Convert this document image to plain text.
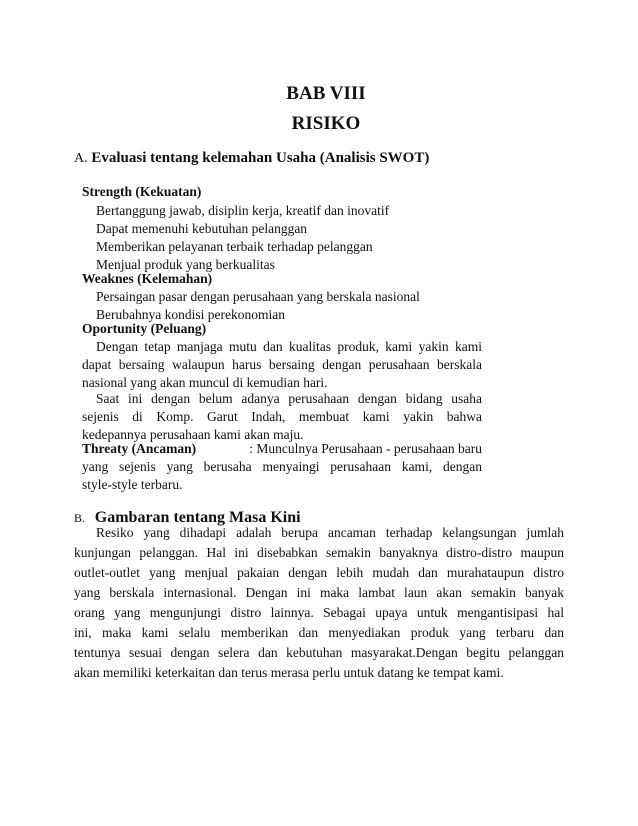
BAB VIII
RISIKO
A. Evaluasi tentang kelemahan Usaha (Analisis SWOT)
Strength (Kekuatan)
Bertanggung jawab, disiplin kerja, kreatif dan inovatif
Dapat memenuhi kebutuhan pelanggan
Memberikan pelayanan terbaik terhadap pelanggan
Menjual produk yang berkualitas
Weaknes (Kelemahan)
Persaingan pasar dengan perusahaan yang berskala nasional
Berubahnya kondisi perekonomian
Oportunity (Peluang)
Dengan tetap manjaga mutu dan kualitas produk, kami yakin kami
dapat bersaing walaupun harus bersaing dengan perusahaan berskala
nasional yang akan muncul di kemudian hari.
Saat ini dengan belum adanya perusahaan dengan bidang usaha
sejenis di Komp. Garut Indah, membuat kami yakin bahwa
kedepannya perusahaan kami akan maju.
Threaty (Ancaman)	: Munculnya Perusahaan - perusahaan baru
yang sejenis yang berusaha menyaingi perusahaan kami, dengan
style-style terbaru.
B. Gambaran tentang Masa Kini
Resiko yang dihadapi adalah berupa ancaman terhadap kelangsungan jumlah
kunjungan pelanggan. Hal ini disebabkan semakin banyaknya distro-distro maupun
outlet-outlet yang menjual pakaian dengan lebih mudah dan murahataupun distro
yang berskala internasional. Dengan ini maka lambat laun akan semakin banyak
orang yang mengunjungi distro lainnya. Sebagai upaya untuk mengantisipasi hal
ini, maka kami selalu memberikan dan menyediakan produk yang terbaru dan
tentunya sesuai dengan selera dan kebutuhan masyarakat.Dengan begitu pelanggan
akan memiliki keterkaitan dan terus merasa perlu untuk datang ke tempat kami.
